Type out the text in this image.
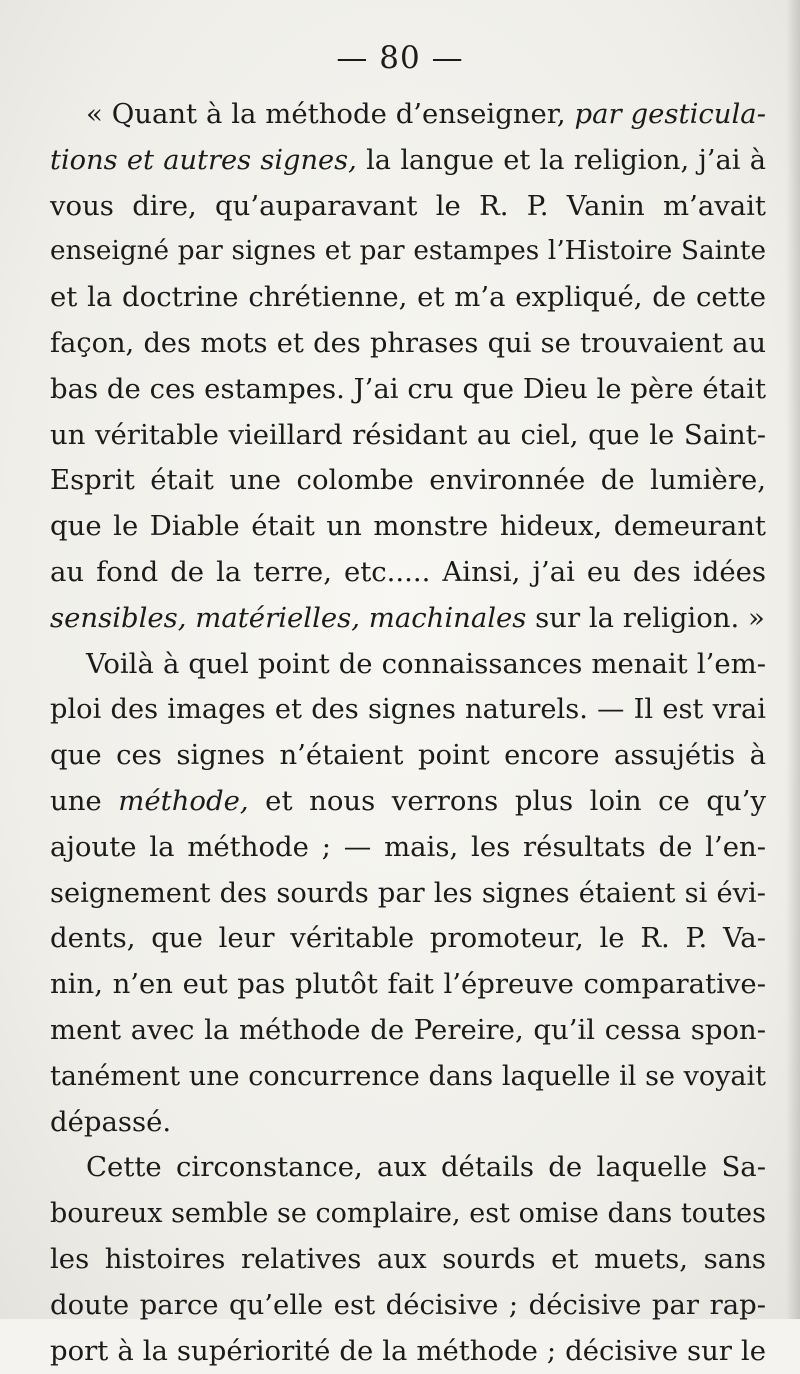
— 80 —
« Quant à la méthode d’enseigner, par gesticula-
tions et autres signes, la langue et la religion, j’ai à
vous dire, qu’auparavant le R. P. Vanin m’avait
enseigné par signes et par estampes l’Histoire Sainte
et la doctrine chrétienne, et m’a expliqué, de cette
façon, des mots et des phrases qui se trouvaient au
bas de ces estampes. J’ai cru que Dieu le père était
un véritable vieillard résidant au ciel, que le Saint-
Esprit était une colombe environnée de lumière,
que le Diable était un monstre hideux, demeurant
au fond de la terre, etc..... Ainsi, j’ai eu des idées
sensibles, matérielles, machinales sur la religion. »
Voilà à quel point de connaissances menait l’em-
ploi des images et des signes naturels. — Il est vrai
que ces signes n’étaient point encore assujétis à
une méthode, et nous verrons plus loin ce qu’y
ajoute la méthode ; — mais, les résultats de l’en-
seignement des sourds par les signes étaient si évi-
dents, que leur véritable promoteur, le R. P. Va-
nin, n’en eut pas plutôt fait l’épreuve comparative-
ment avec la méthode de Pereire, qu’il cessa spon-
tanément une concurrence dans laquelle il se voyait
dépassé.
Cette circonstance, aux détails de laquelle Sa-
boureux semble se complaire, est omise dans toutes
les histoires relatives aux sourds et muets, sans
doute parce qu’elle est décisive ; décisive par rap-
port à la supériorité de la méthode ; décisive sur le
